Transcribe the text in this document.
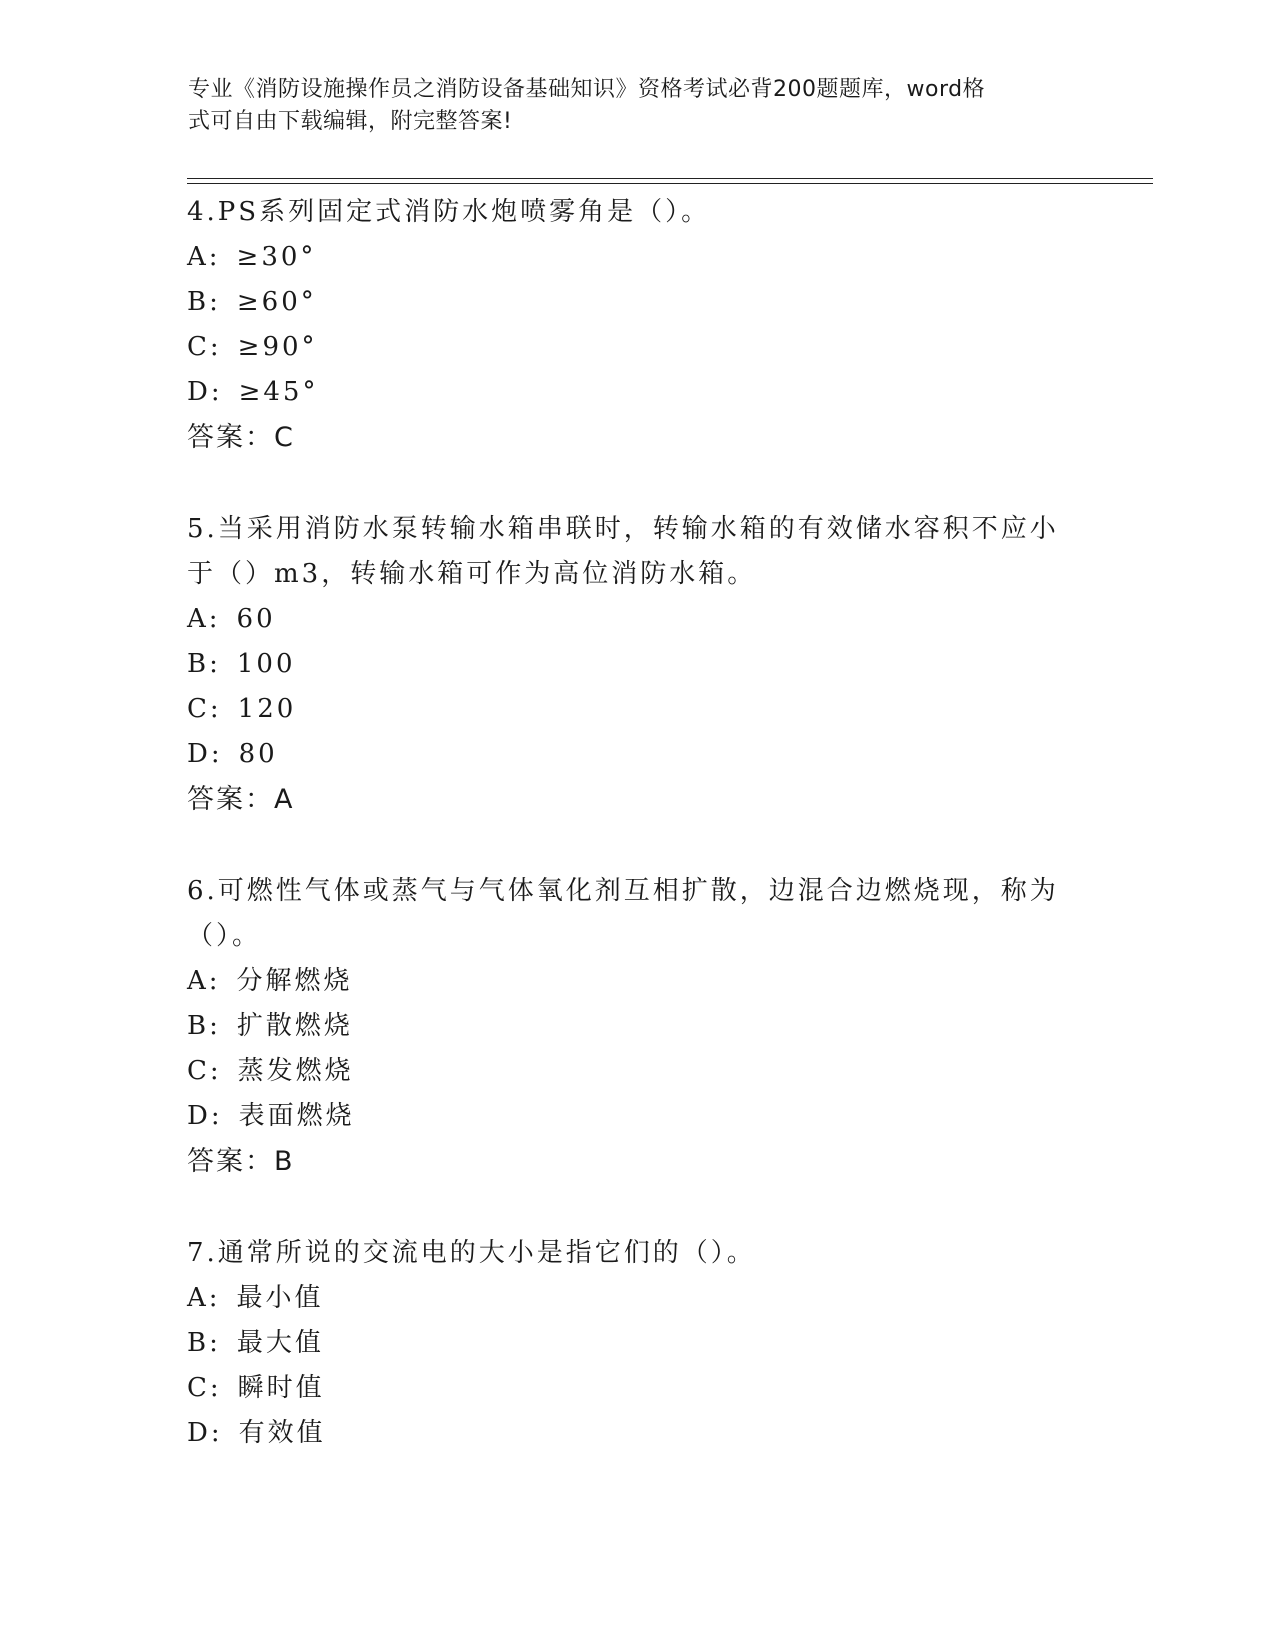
专业《消防设施操作员之消防设备基础知识》资格考试必背200题题库，word格
式可自由下载编辑，附完整答案!

4.PS系列固定式消防水炮喷雾角是（）。

A: ≥30°

B: ≥60°

C: ≥90°

D: ≥45°

答案：C

5.当采用消防水泵转输水箱串联时，转输水箱的有效储水容积不应小于（）m3，转输水箱可作为高位消防水箱。

A: 60

B: 100

C: 120

D: 80

答案：A

6.可燃性气体或蒸气与气体氧化剂互相扩散，边混合边燃烧现，称为（）。

A: 分解燃烧

B: 扩散燃烧

C: 蒸发燃烧

D: 表面燃烧

答案：B

7.通常所说的交流电的大小是指它们的（）。

A: 最小值

B: 最大值

C: 瞬时值

D: 有效值
